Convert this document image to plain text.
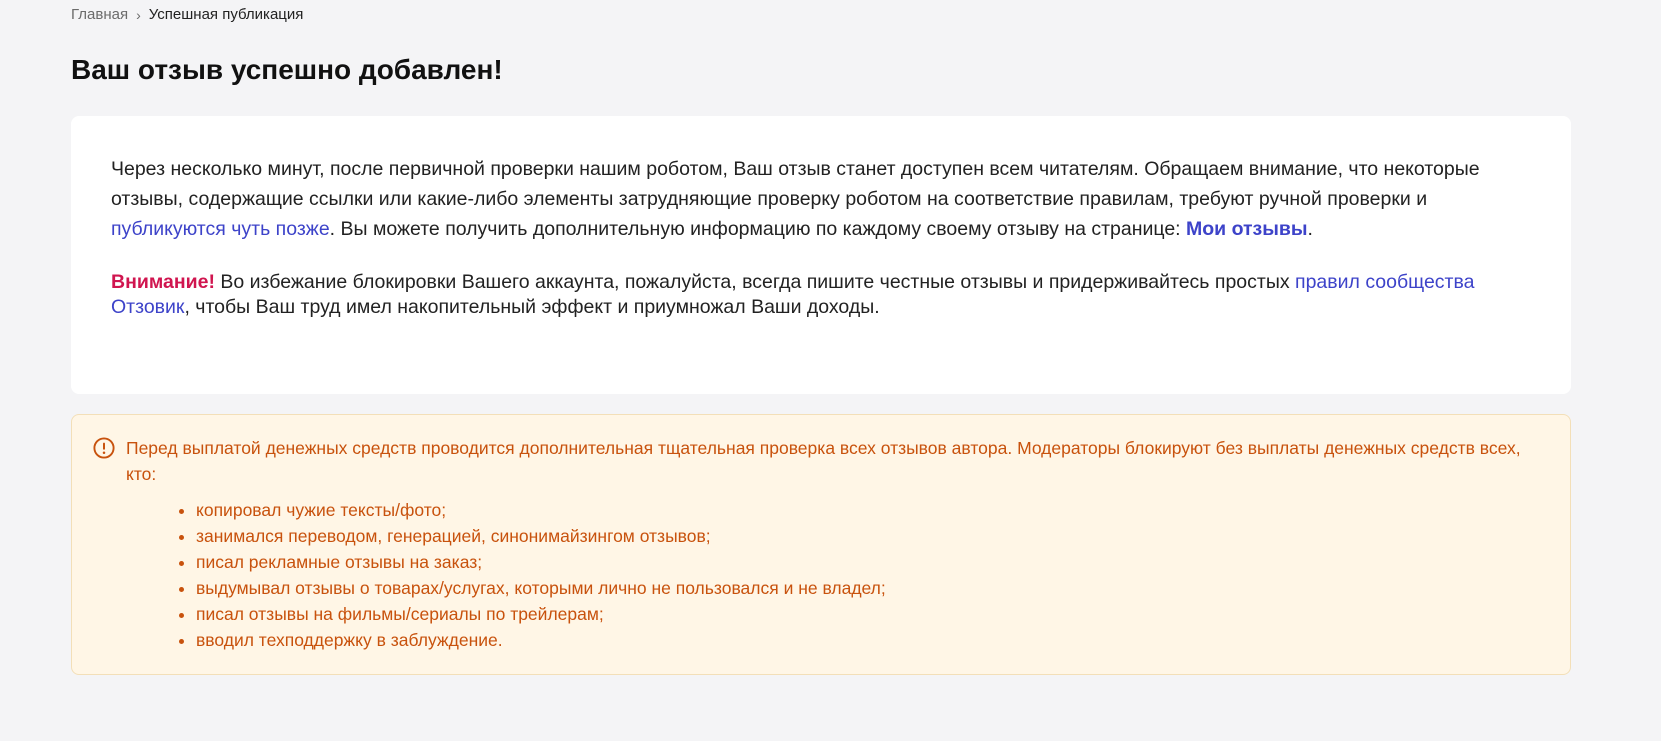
Главная › Успешная публикация
Ваш отзыв успешно добавлен!

Через несколько минут, после первичной проверки нашим роботом, Ваш отзыв станет доступен всем читателям. Обращаем внимание, что некоторые отзывы, содержащие ссылки или какие-либо элементы затрудняющие проверку роботом на соответствие правилам, требуют ручной проверки и публикуются чуть позже. Вы можете получить дополнительную информацию по каждому своему отзыву на странице: Мои отзывы.

Внимание! Во избежание блокировки Вашего аккаунта, пожалуйста, всегда пишите честные отзывы и придерживайтесь простых правил сообщества Отзовик, чтобы Ваш труд имел накопительный эффект и приумножал Ваши доходы.

Перед выплатой денежных средств проводится дополнительная тщательная проверка всех отзывов автора. Модераторы блокируют без выплаты денежных средств всех, кто:

• копировал чужие тексты/фото;
• занимался переводом, генерацией, синонимайзингом отзывов;
• писал рекламные отзывы на заказ;
• выдумывал отзывы о товарах/услугах, которыми лично не пользовался и не владел;
• писал отзывы на фильмы/сериалы по трейлерам;
• вводил техподдержку в заблуждение.
